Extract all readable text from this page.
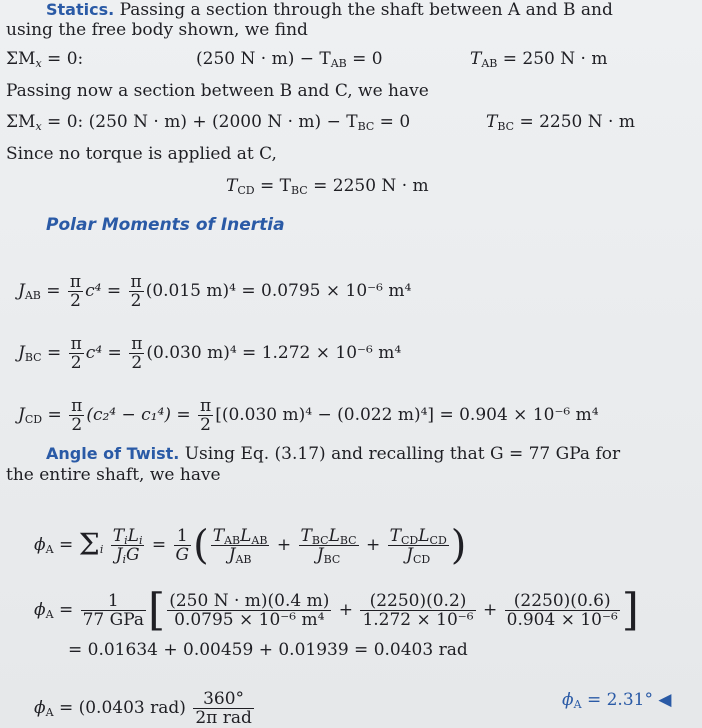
Statics. Passing a section through the shaft between A and B and
using the free body shown, we find
$\Sigma M_x = 0$:	(250 $N \cdot m) - T_{AB} = 0$	$T_{AB} = 250$ N · m
Passing now a section between B and C, we have
$\Sigma M_x = 0$: (250 N · m) + (2000 $N \cdot m) - T_{BC} = 0$	$T_{BC} = 2250$ N · m
Since no torque is applied at C,
$T_{CD} = T_{BC} = 2250$ N · m
Polar Moments of Inertia
$J_{AB} = \frac{\pi}{2} c^4 = \frac{\pi}{2} (0.015$ m)⁴ = 0.0795 × 10⁻⁶ m⁴
$J_{BC} = \frac{\pi}{2} c^4 = \frac{\pi}{2} (0.030$ m)⁴ = 1.272 × 10⁻⁶ m⁴
$J_{CD} = \frac{\pi}{2} (c_2^4 - c_1^4) = \frac{\pi}{2} [(0.030$ m)⁴ − (0.022 m)⁴] = 0.904 × 10⁻⁶ m⁴
Angle of Twist. Using Eq. (3.17) and recalling that G = 77 GPa for
the entire shaft, we have
$\phi_A = \Sigma_i \frac{T_iL_i}{J_iG} = \frac{1}{G}$ ( $\frac{T_{AB}L_{AB}}{J_{AB}} + \frac{T_{BC}L_{BC}}{J_{BC}} + \frac{T_{CD}L_{CD}}{J_{CD}}$ )
$\phi_A = \frac{1}{\text{77 GPa}}$ [ $\frac{(250 N \cdot m)(0.4 m)}{\text{0.0795 × 10⁻⁶ m⁴}} + \frac{(2250)(0.2)}{\text{1.272 × 10⁻⁶}} + \frac{(2250)(0.6)}{\text{0.904 × 10⁻⁶}}$ ]
= 0.01634 + 0.00459 + 0.01939 = 0.0403 rad
$\phi_A = (0.0403$ $rad) \frac{360^\circ}{\text{2π rad}}$	$\phi_A = 2.31^\circ$ ◀
